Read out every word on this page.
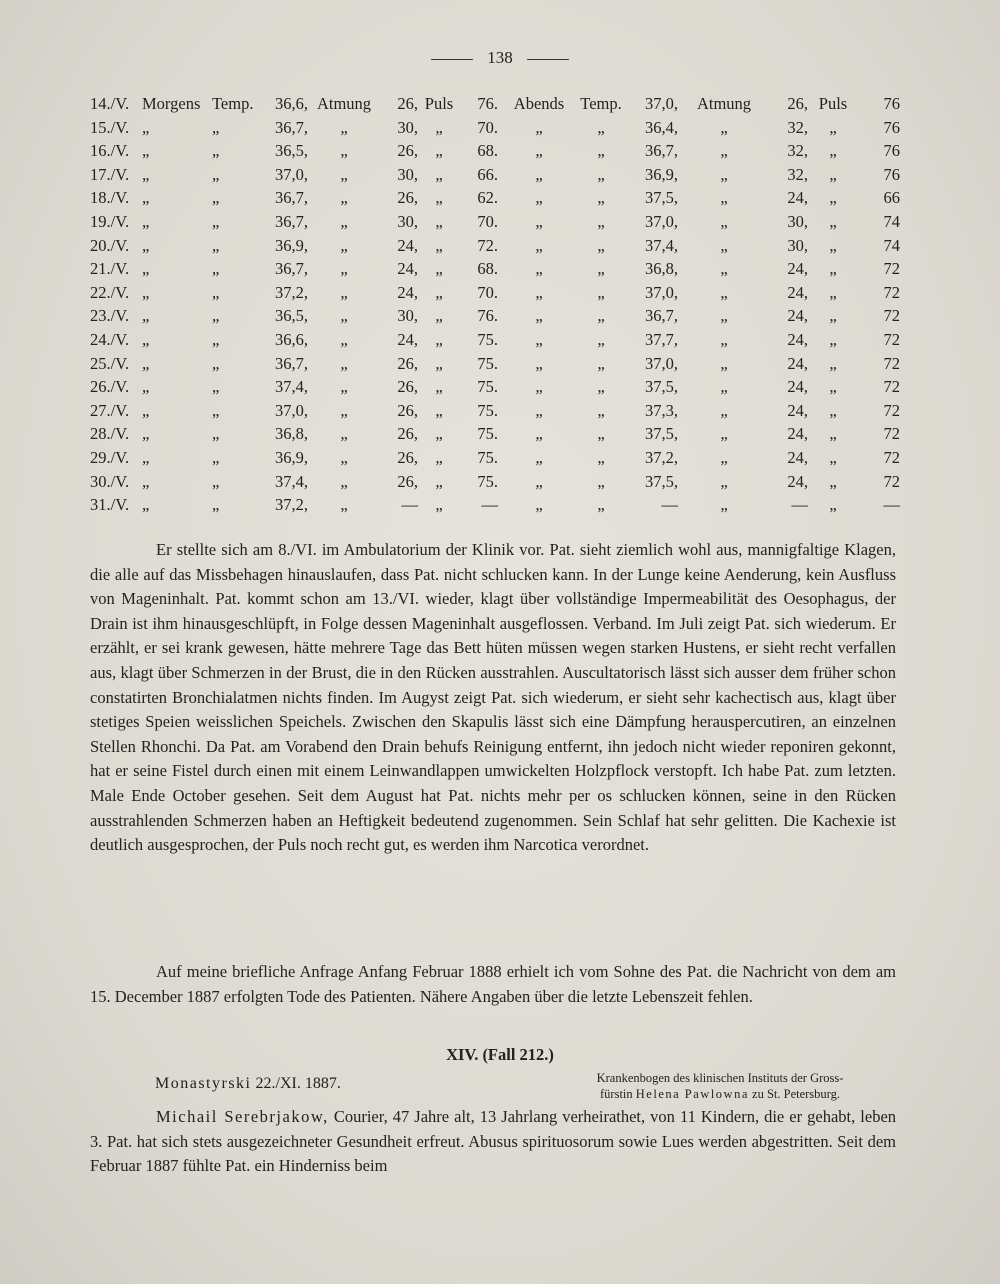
138
14./V.	Morgens	Temp.	36,6,	Atmung	26,	Puls	76.	Abends	Temp.	37,0,	Atmung	26,	Puls	76
15./V.	„	„	36,7,	„	30,	„	70.	„	„	36,4,	„	32,	„	76
16./V.	„	„	36,5,	„	26,	„	68.	„	„	36,7,	„	32,	„	76
17./V.	„	„	37,0,	„	30,	„	66.	„	„	36,9,	„	32,	„	76
18./V.	„	„	36,7,	„	26,	„	62.	„	„	37,5,	„	24,	„	66
19./V.	„	„	36,7,	„	30,	„	70.	„	„	37,0,	„	30,	„	74
20./V.	„	„	36,9,	„	24,	„	72.	„	„	37,4,	„	30,	„	74
21./V.	„	„	36,7,	„	24,	„	68.	„	„	36,8,	„	24,	„	72
22./V.	„	„	37,2,	„	24,	„	70.	„	„	37,0,	„	24,	„	72
23./V.	„	„	36,5,	„	30,	„	76.	„	„	36,7,	„	24,	„	72
24./V.	„	„	36,6,	„	24,	„	75.	„	„	37,7,	„	24,	„	72
25./V.	„	„	36,7,	„	26,	„	75.	„	„	37,0,	„	24,	„	72
26./V.	„	„	37,4,	„	26,	„	75.	„	„	37,5,	„	24,	„	72
27./V.	„	„	37,0,	„	26,	„	75.	„	„	37,3,	„	24,	„	72
28./V.	„	„	36,8,	„	26,	„	75.	„	„	37,5,	„	24,	„	72
29./V.	„	„	36,9,	„	26,	„	75.	„	„	37,2,	„	24,	„	72
30./V.	„	„	37,4,	„	26,	„	75.	„	„	37,5,	„	24,	„	72
31./V.	„	„	37,2,	„	—	„	—	„	„	—	„	—	„	—

Er stellte sich am 8./VI. im Ambulatorium der Klinik vor. Pat. sieht ziemlich wohl aus, mannigfaltige Klagen, die alle auf das Missbehagen hinauslaufen, dass Pat. nicht schlucken kann. In der Lunge keine Aenderung, kein Ausfluss von Mageninhalt. Pat. kommt schon am 13./VI. wieder, klagt über vollständige Impermeabilität des Oesophagus, der Drain ist ihm hinausgeschlüpft, in Folge dessen Mageninhalt ausgeflossen. Verband. Im Juli zeigt Pat. sich wiederum. Er erzählt, er sei krank gewesen, hätte mehrere Tage das Bett hüten müssen wegen starken Hustens, er sieht recht verfallen aus, klagt über Schmerzen in der Brust, die in den Rücken ausstrahlen. Auscultatorisch lässt sich ausser dem früher schon constatirten Bronchialatmen nichts finden. Im Augyst zeigt Pat. sich wiederum, er sieht sehr kachectisch aus, klagt über stetiges Speien weisslichen Speichels. Zwischen den Skapulis lässt sich eine Dämpfung herauspercutiren, an einzelnen Stellen Rhonchi. Da Pat. am Vorabend den Drain behufs Reinigung entfernt, ihn jedoch nicht wieder reponiren gekonnt, hat er seine Fistel durch einen mit einem Leinwandlappen umwickelten Holzpflock verstopft. Ich habe Pat. zum letzten. Male Ende October gesehen. Seit dem August hat Pat. nichts mehr per os schlucken können, seine in den Rücken ausstrahlenden Schmerzen haben an Heftigkeit bedeutend zugenommen. Sein Schlaf hat sehr gelitten. Die Kachexie ist deutlich ausgesprochen, der Puls noch recht gut, es werden ihm Narcotica verordnet.

Auf meine briefliche Anfrage Anfang Februar 1888 erhielt ich vom Sohne des Pat. die Nachricht von dem am 15. December 1887 erfolgten Tode des Patienten. Nähere Angaben über die letzte Lebenszeit fehlen.

XIV. (Fall 212.)
Monastyrski 22./XI. 1887.	Krankenbogen des klinischen Instituts der Gross-
fürstin Helena Pawlowna zu St. Petersburg.

Michail Serebrjakow, Courier, 47 Jahre alt, 13 Jahrlang verheirathet, von 11 Kindern, die er gehabt, leben 3. Pat. hat sich stets ausgezeichneter Gesundheit erfreut. Abusus spirituosorum sowie Lues werden abgestritten. Seit dem Februar 1887 fühlte Pat. ein Hinderniss beim
